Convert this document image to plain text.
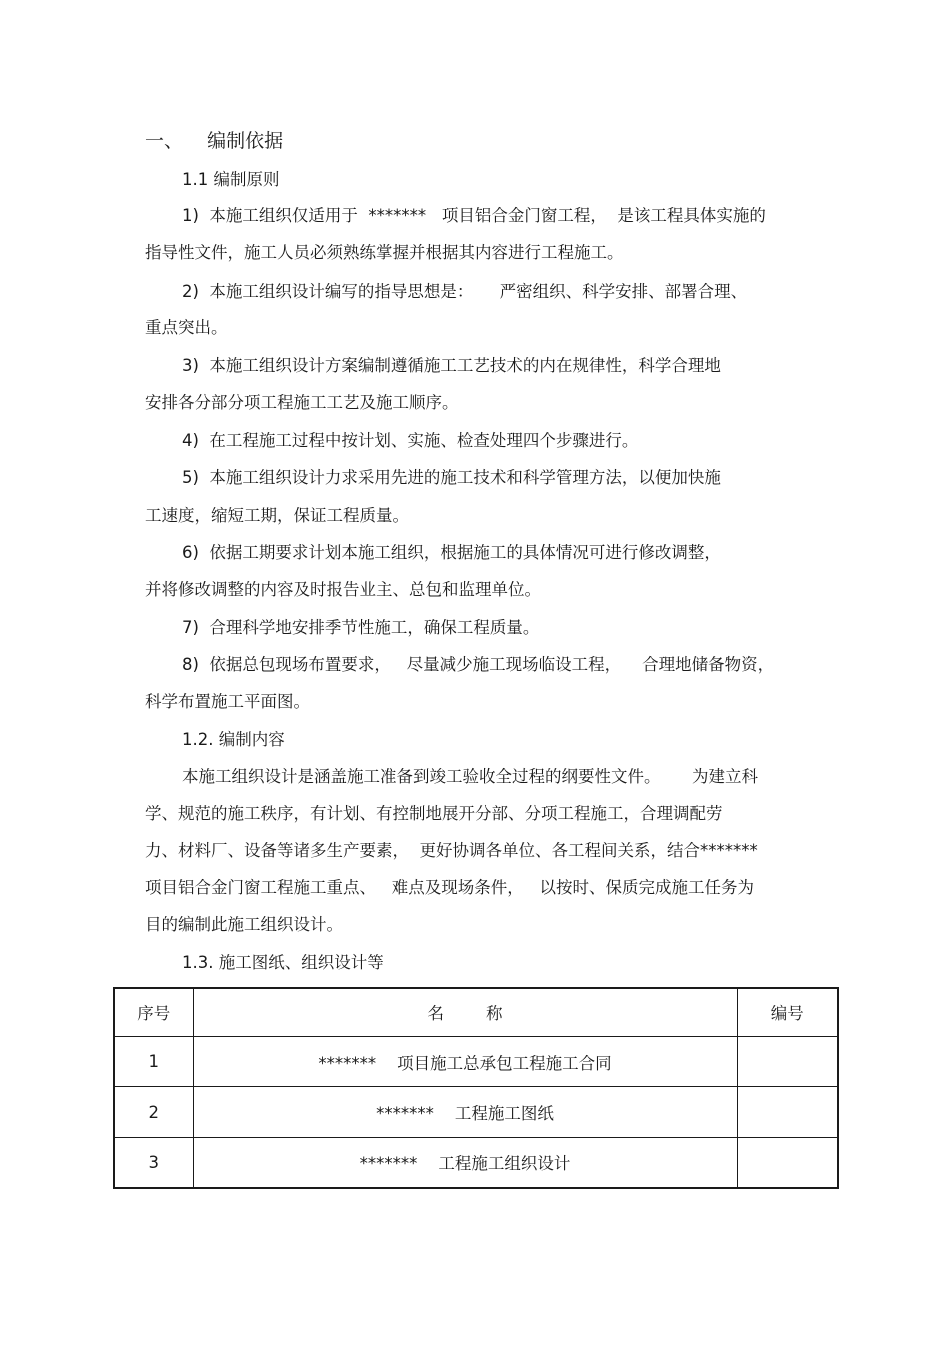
一、    编制依据
1.1 编制原则
1)  本施工组织仅适用于  *******   项目铝合金门窗工程，  是该工程具体实施的
指导性文件，施工人员必须熟练掌握并根据其内容进行工程施工。
2)  本施工组织设计编写的指导思想是：     严密组织、科学安排、部署合理、
重点突出。
3)  本施工组织设计方案编制遵循施工工艺技术的内在规律性，科学合理地
安排各分部分项工程施工工艺及施工顺序。
4)  在工程施工过程中按计划、实施、检查处理四个步骤进行。
5)  本施工组织设计力求采用先进的施工技术和科学管理方法，以便加快施
工速度，缩短工期，保证工程质量。
6)  依据工期要求计划本施工组织，根据施工的具体情况可进行修改调整，
并将修改调整的内容及时报告业主、总包和监理单位。
7)  合理科学地安排季节性施工，确保工程质量。
8)  依据总包现场布置要求，   尽量减少施工现场临设工程，    合理地储备物资，
科学布置施工平面图。
1.2. 编制内容
本施工组织设计是涵盖施工准备到竣工验收全过程的纲要性文件。      为建立科
学、规范的施工秩序，有计划、有控制地展开分部、分项工程施工，合理调配劳
力、材料厂、设备等诸多生产要素，  更好协调各单位、各工程间关系，结合*******
项目铝合金门窗工程施工重点、   难点及现场条件，   以按时、保质完成施工任务为
目的编制此施工组织设计。
1.3. 施工图纸、组织设计等
序号	名        称	编号
1	*******    项目施工总承包工程施工合同	
2	*******    工程施工图纸	
3	*******    工程施工组织设计	
